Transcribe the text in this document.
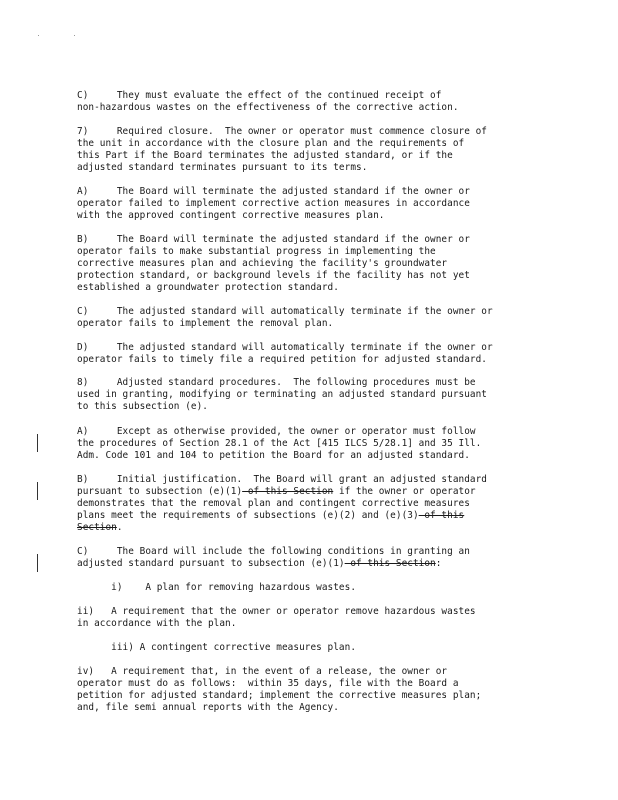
C)     They must evaluate the effect of the continued receipt of
non-hazardous wastes on the effectiveness of the corrective action.
7)     Required closure.  The owner or operator must commence closure of
the unit in accordance with the closure plan and the requirements of
this Part if the Board terminates the adjusted standard, or if the
adjusted standard terminates pursuant to its terms.
A)     The Board will terminate the adjusted standard if the owner or
operator failed to implement corrective action measures in accordance
with the approved contingent corrective measures plan.
B)     The Board will terminate the adjusted standard if the owner or
operator fails to make substantial progress in implementing the
corrective measures plan and achieving the facility's groundwater
protection standard, or background levels if the facility has not yet
established a groundwater protection standard.
C)     The adjusted standard will automatically terminate if the owner or
operator fails to implement the removal plan.
D)     The adjusted standard will automatically terminate if the owner or
operator fails to timely file a required petition for adjusted standard.
8)     Adjusted standard procedures.  The following procedures must be
used in granting, modifying or terminating an adjusted standard pursuant
to this subsection (e).
A)     Except as otherwise provided, the owner or operator must follow
the procedures of Section 28.1 of the Act [415 ILCS 5/28.1] and 35 Ill.
Adm. Code 101 and 104 to petition the Board for an adjusted standard.
B)     Initial justification.  The Board will grant an adjusted standard
pursuant to subsection (e)(1) of this Section if the owner or operator
demonstrates that the removal plan and contingent corrective measures
plans meet the requirements of subsections (e)(2) and (e)(3) of this
Section.
C)     The Board will include the following conditions in granting an
adjusted standard pursuant to subsection (e)(1) of this Section:
i)    A plan for removing hazardous wastes.
ii)   A requirement that the owner or operator remove hazardous wastes
in accordance with the plan.
iii) A contingent corrective measures plan.
iv)   A requirement that, in the event of a release, the owner or
operator must do as follows:  within 35 days, file with the Board a
petition for adjusted standard; implement the corrective measures plan;
and, file semi annual reports with the Agency.
